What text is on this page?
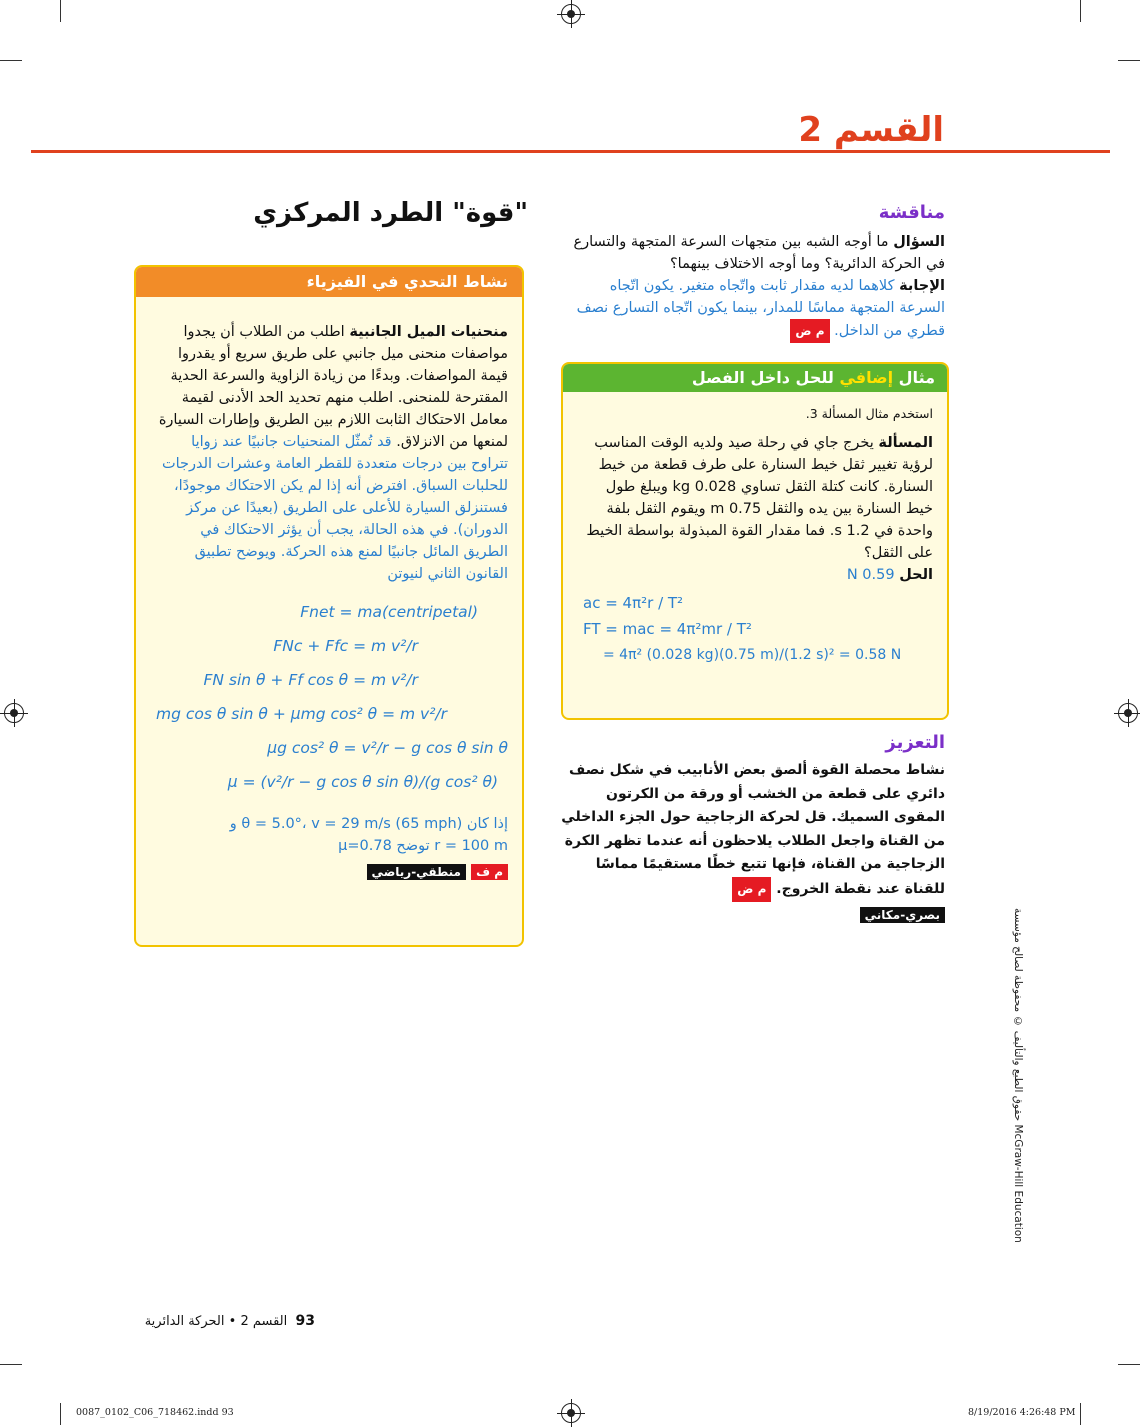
القسم 2
مناقشة
السؤال ما أوجه الشبه بين متجهات السرعة المتجهة والتسارع في الحركة الدائرية؟ وما أوجه الاختلاف بينهما؟
الإجابة كلاهما لديه مقدار ثابت واتّجاه متغير. يكون اتّجاه السرعة المتجهة مماسًا للمدار، بينما يكون اتّجاه التسارع نصف قطري من الداخل. م ض
مثال إضافي للحل داخل الفصل
استخدم مثال المسألة 3.
المسألة يخرج جاي في رحلة صيد ولديه الوقت المناسب لرؤية تغيير ثقل خيط السنارة على طرف قطعة من خيط السنارة. كانت كتلة الثقل تساوي 0.028 kg ويبلغ طول خيط السنارة بين يده والثقل 0.75 m ويقوم الثقل بلفة واحدة في 1.2 s. فما مقدار القوة المبذولة بواسطة الخيط على الثقل؟
الحل 0.59 N
ac = 4π²r / T²
FT = mac = 4π²mr / T²
= 4π² (0.028 kg)(0.75 m)/(1.2 s)² = 0.58 N
التعزيز
نشاط محصلة القوة ألصق بعض الأنابيب في شكل نصف دائري على قطعة من الخشب أو ورقة من الكرتون المقوى السميك. قل لحركة الزجاجية حول الجزء الداخلي من القناة واجعل الطلاب يلاحظون أنه عندما تظهر الكرة الزجاجية من القناة، فإنها تتبع خطًا مستقيمًا مماسًا للقناة عند نقطة الخروج. م ض
بصري-مكاني
"قوة" الطرد المركزي
نشاط التحدي في الفيزياء
منحنيات الميل الجانبية اطلب من الطلاب أن يجدوا مواصفات منحنى ميل جانبي على طريق سريع أو يقدروا قيمة المواصفات. وبدءًا من زيادة الزاوية والسرعة الحدية المقترحة للمنحنى. اطلب منهم تحديد الحد الأدنى لقيمة معامل الاحتكاك الثابت اللازم بين الطريق وإطارات السيارة لمنعها من الانزلاق. قد تُمثّل المنحنيات جانبيًا عند زوايا تتراوح بين درجات متعددة للقطر العامة وعشرات الدرجات للحلبات السباق. افترض أنه إذا لم يكن الاحتكاك موجودًا، فستنزلق السيارة للأعلى على الطريق (بعيدًا عن مركز الدوران). في هذه الحالة، يجب أن يؤثر الاحتكاك في الطريق المائل جانبيًا لمنع هذه الحركة. ويوضح تطبيق القانون الثاني لنيوتن
Fnet = ma(centripetal)
FNc + Ffc = m v²/r
FN sin θ + Ff cos θ = m v²/r
mg cos θ sin θ + μmg cos² θ = m v²/r
μg cos² θ = v²/r − g cos θ sin θ
μ = (v²/r − g cos θ sin θ)/(g cos² θ)
إذا كان θ = 5.0°، v = 29 m/s (65 mph) و
r = 100 m توضح μ=0.78
م ف منطقي-رياضي
حقوق الطبع والتأليف © محفوظة لصالح مؤسسة McGraw-Hill Education
93  القسم 2 • الحركة الدائرية
0087_0102_C06_718462.indd 93	8/19/2016 4:26:48 PM
